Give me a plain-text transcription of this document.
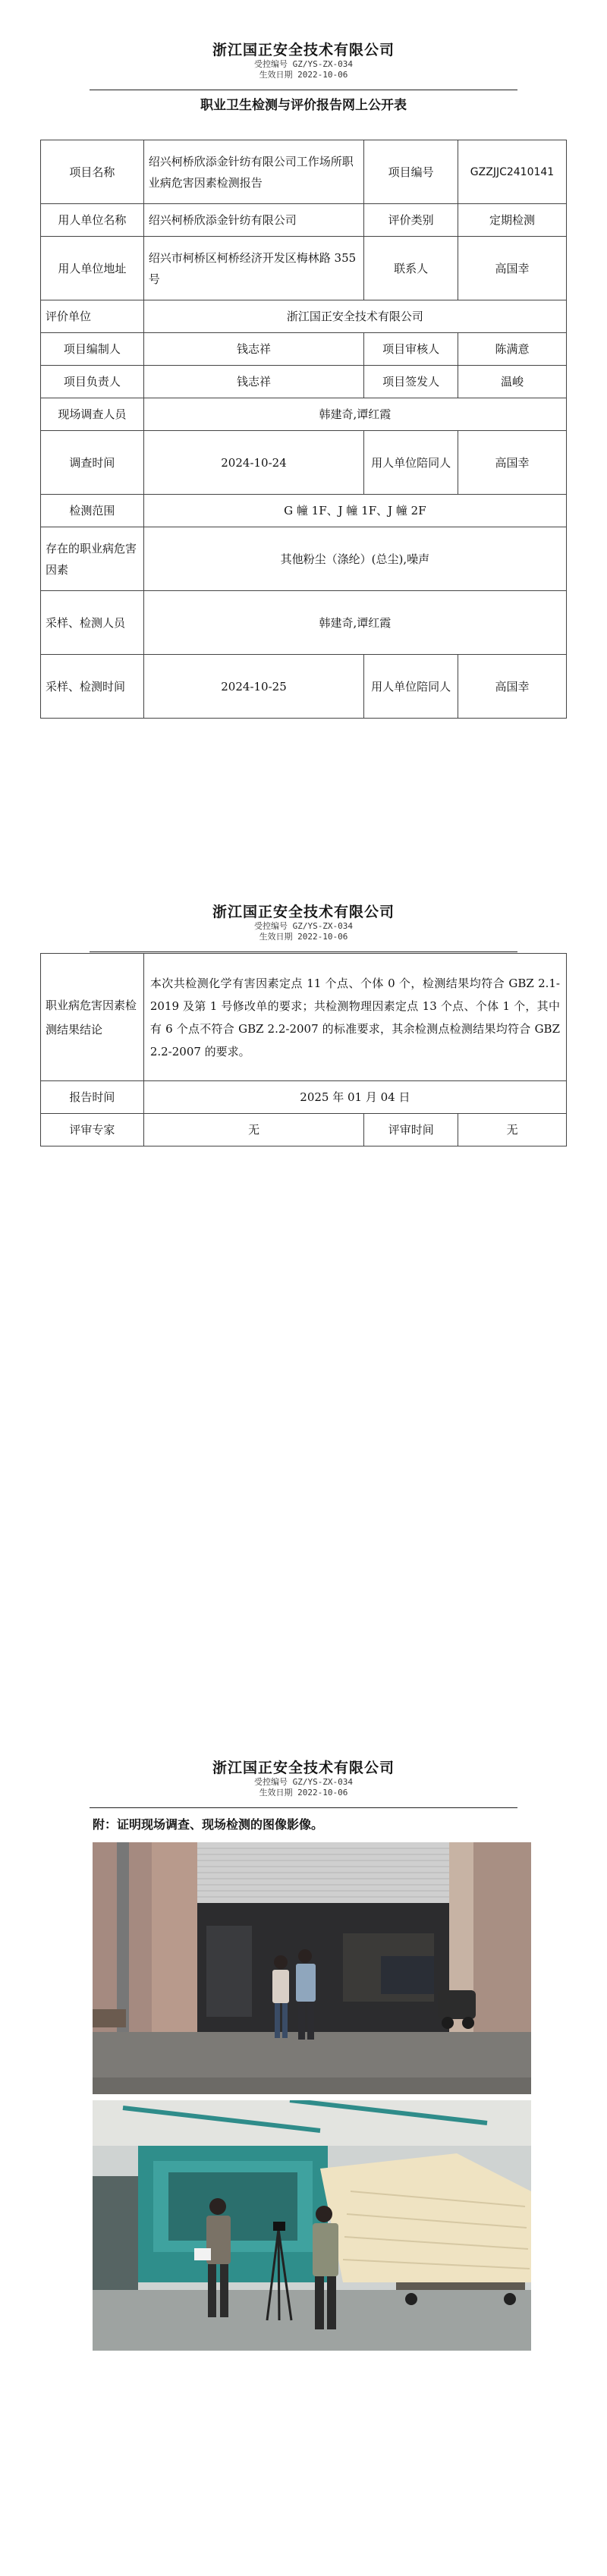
浙江国正安全技术有限公司
受控编号 GZ/YS-ZX-034
生效日期 2022-10-06
职业卫生检测与评价报告网上公开表
项目名称	绍兴柯桥欣添金针纺有限公司工作场所职业病危害因素检测报告	项目编号	GZZJJC2410141
用人单位名称	绍兴柯桥欣添金针纺有限公司	评价类别	定期检测
用人单位地址	绍兴市柯桥区柯桥经济开发区梅林路 355 号	联系人	高国幸
评价单位	浙江国正安全技术有限公司		
项目编制人	钱志祥	项目审核人	陈满意
项目负责人	钱志祥	项目签发人	温峻
现场调查人员	韩建奇,谭红霞		
调查时间	2024-10-24	用人单位陪同人	高国幸
检测范围	G 幢 1F、J 幢 1F、J 幢 2F		
存在的职业病危害因素	其他粉尘（涤纶）(总尘),噪声		
采样、检测人员	韩建奇,谭红霞		
采样、检测时间	2024-10-25	用人单位陪同人	高国幸
浙江国正安全技术有限公司
受控编号 GZ/YS-ZX-034
生效日期 2022-10-06
职业病危害因素检测结果结论	本次共检测化学有害因素定点 11 个点、个体 0 个，检测结果均符合 GBZ 2.1-2019 及第 1 号修改单的要求；共检测物理因素定点 13 个点、个体 1 个，其中有 6 个点不符合 GBZ 2.2-2007 的标准要求，其余检测点检测结果均符合 GBZ 2.2-2007 的要求。		
报告时间	2025 年 01 月 04 日		
评审专家	无	评审时间	无
浙江国正安全技术有限公司
受控编号 GZ/YS-ZX-034
生效日期 2022-10-06
附：证明现场调查、现场检测的图像影像。
